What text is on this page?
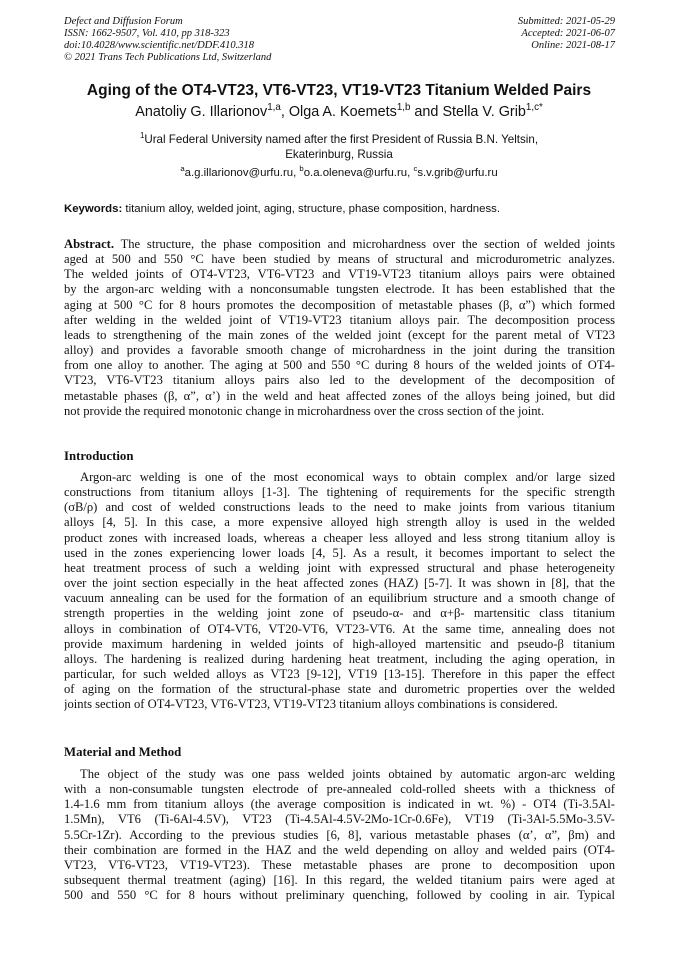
Defect and Diffusion Forum
ISSN: 1662-9507, Vol. 410, pp 318-323
doi:10.4028/www.scientific.net/DDF.410.318
© 2021 Trans Tech Publications Ltd, Switzerland
Submitted: 2021-05-29
Accepted: 2021-06-07
Online: 2021-08-17
Aging of the OT4-VT23, VT6-VT23, VT19-VT23 Titanium Welded Pairs
Anatoliy G. Illarionov$^{1,a}$, Olga A. Koemets$^{1,b}$ and Stella V. Grib$^{1,c*}$
$^1$Ural Federal University named after the first President of Russia B.N. Yeltsin,
Ekaterinburg, Russia
$^a$a.g.illarionov@urfu.ru, $^b$o.a.oleneva@urfu.ru, $^c$s.v.grib@urfu.ru
Keywords: titanium alloy, welded joint, aging, structure, phase composition, hardness.
Abstract. The structure, the phase composition and microhardness over the section of welded joints
aged at 500 and 550 °C have been studied by means of structural and microdurometric analyzes.
The welded joints of OT4-VT23, VT6-VT23 and VT19-VT23 titanium alloys pairs were obtained
by the argon-arc welding with a nonconsumable tungsten electrode. It has been established that the
aging at 500 °C for 8 hours promotes the decomposition of metastable phases (β, α”) which formed
after welding in the welded joint of VT19-VT23 titanium alloys pair. The decomposition process
leads to strengthening of the main zones of the welded joint (except for the parent metal of VT23
alloy) and provides a favorable smooth change of microhardness in the joint during the transition
from one alloy to another. The aging at 500 and 550 °C during 8 hours of the welded joints of OT4-
VT23, VT6-VT23 titanium alloys pairs also led to the development of the decomposition of
metastable phases (β, α”, α’) in the weld and heat affected zones of the alloys being joined, but did
not provide the required monotonic change in microhardness over the cross section of the joint.
Introduction
Argon-arc welding is one of the most economical ways to obtain complex and/or large sized
constructions from titanium alloys [1-3]. The tightening of requirements for the specific strength
(σB/ρ) and cost of welded constructions leads to the need to make joints from various titanium
alloys [4, 5]. In this case, a more expensive alloyed high strength alloy is used in the welded
product zones with increased loads, whereas a cheaper less alloyed and less strong titanium alloy is
used in the zones experiencing lower loads [4, 5]. As a result, it becomes important to select the
heat treatment process of such a welding joint with expressed structural and phase heterogeneity
over the joint section especially in the heat affected zones (HAZ) [5-7]. It was shown in [8], that the
vacuum annealing can be used for the formation of an equilibrium structure and a smooth change of
strength properties in the welding joint zone of pseudo-α- and α+β- martensitic class titanium
alloys in combination of OT4-VT6, VT20-VT6, VT23-VT6. At the same time, annealing does not
provide maximum hardening in welded joints of high-alloyed martensitic and pseudo-β titanium
alloys. The hardening is realized during hardening heat treatment, including the aging operation, in
particular, for such welded alloys as VT23 [9-12], VT19 [13-15]. Therefore in this paper the effect
of aging on the formation of the structural-phase state and durometric properties over the welded
joints section of OT4-VT23, VT6-VT23, VT19-VT23 titanium alloys combinations is considered.
Material and Method
The object of the study was one pass welded joints obtained by automatic argon-arc welding
with a non-consumable tungsten electrode of pre-annealed cold-rolled sheets with a thickness of
1.4-1.6 mm from titanium alloys (the average composition is indicated in wt. %) - OT4 (Ti-3.5Al-
1.5Mn), VT6 (Ti-6Al-4.5V), VT23 (Ti-4.5Al-4.5V-2Mo-1Cr-0.6Fe), VT19 (Ti-3Al-5.5Mo-3.5V-
5.5Cr-1Zr). According to the previous studies [6, 8], various metastable phases (α’, α”, βm) and
their combination are formed in the HAZ and the weld depending on alloy and welded pairs (OT4-
VT23, VT6-VT23, VT19-VT23). These metastable phases are prone to decomposition upon
subsequent thermal treatment (aging) [16]. In this regard, the welded titanium pairs were aged at
500 and 550 °C for 8 hours without preliminary quenching, followed by cooling in air. Typical
